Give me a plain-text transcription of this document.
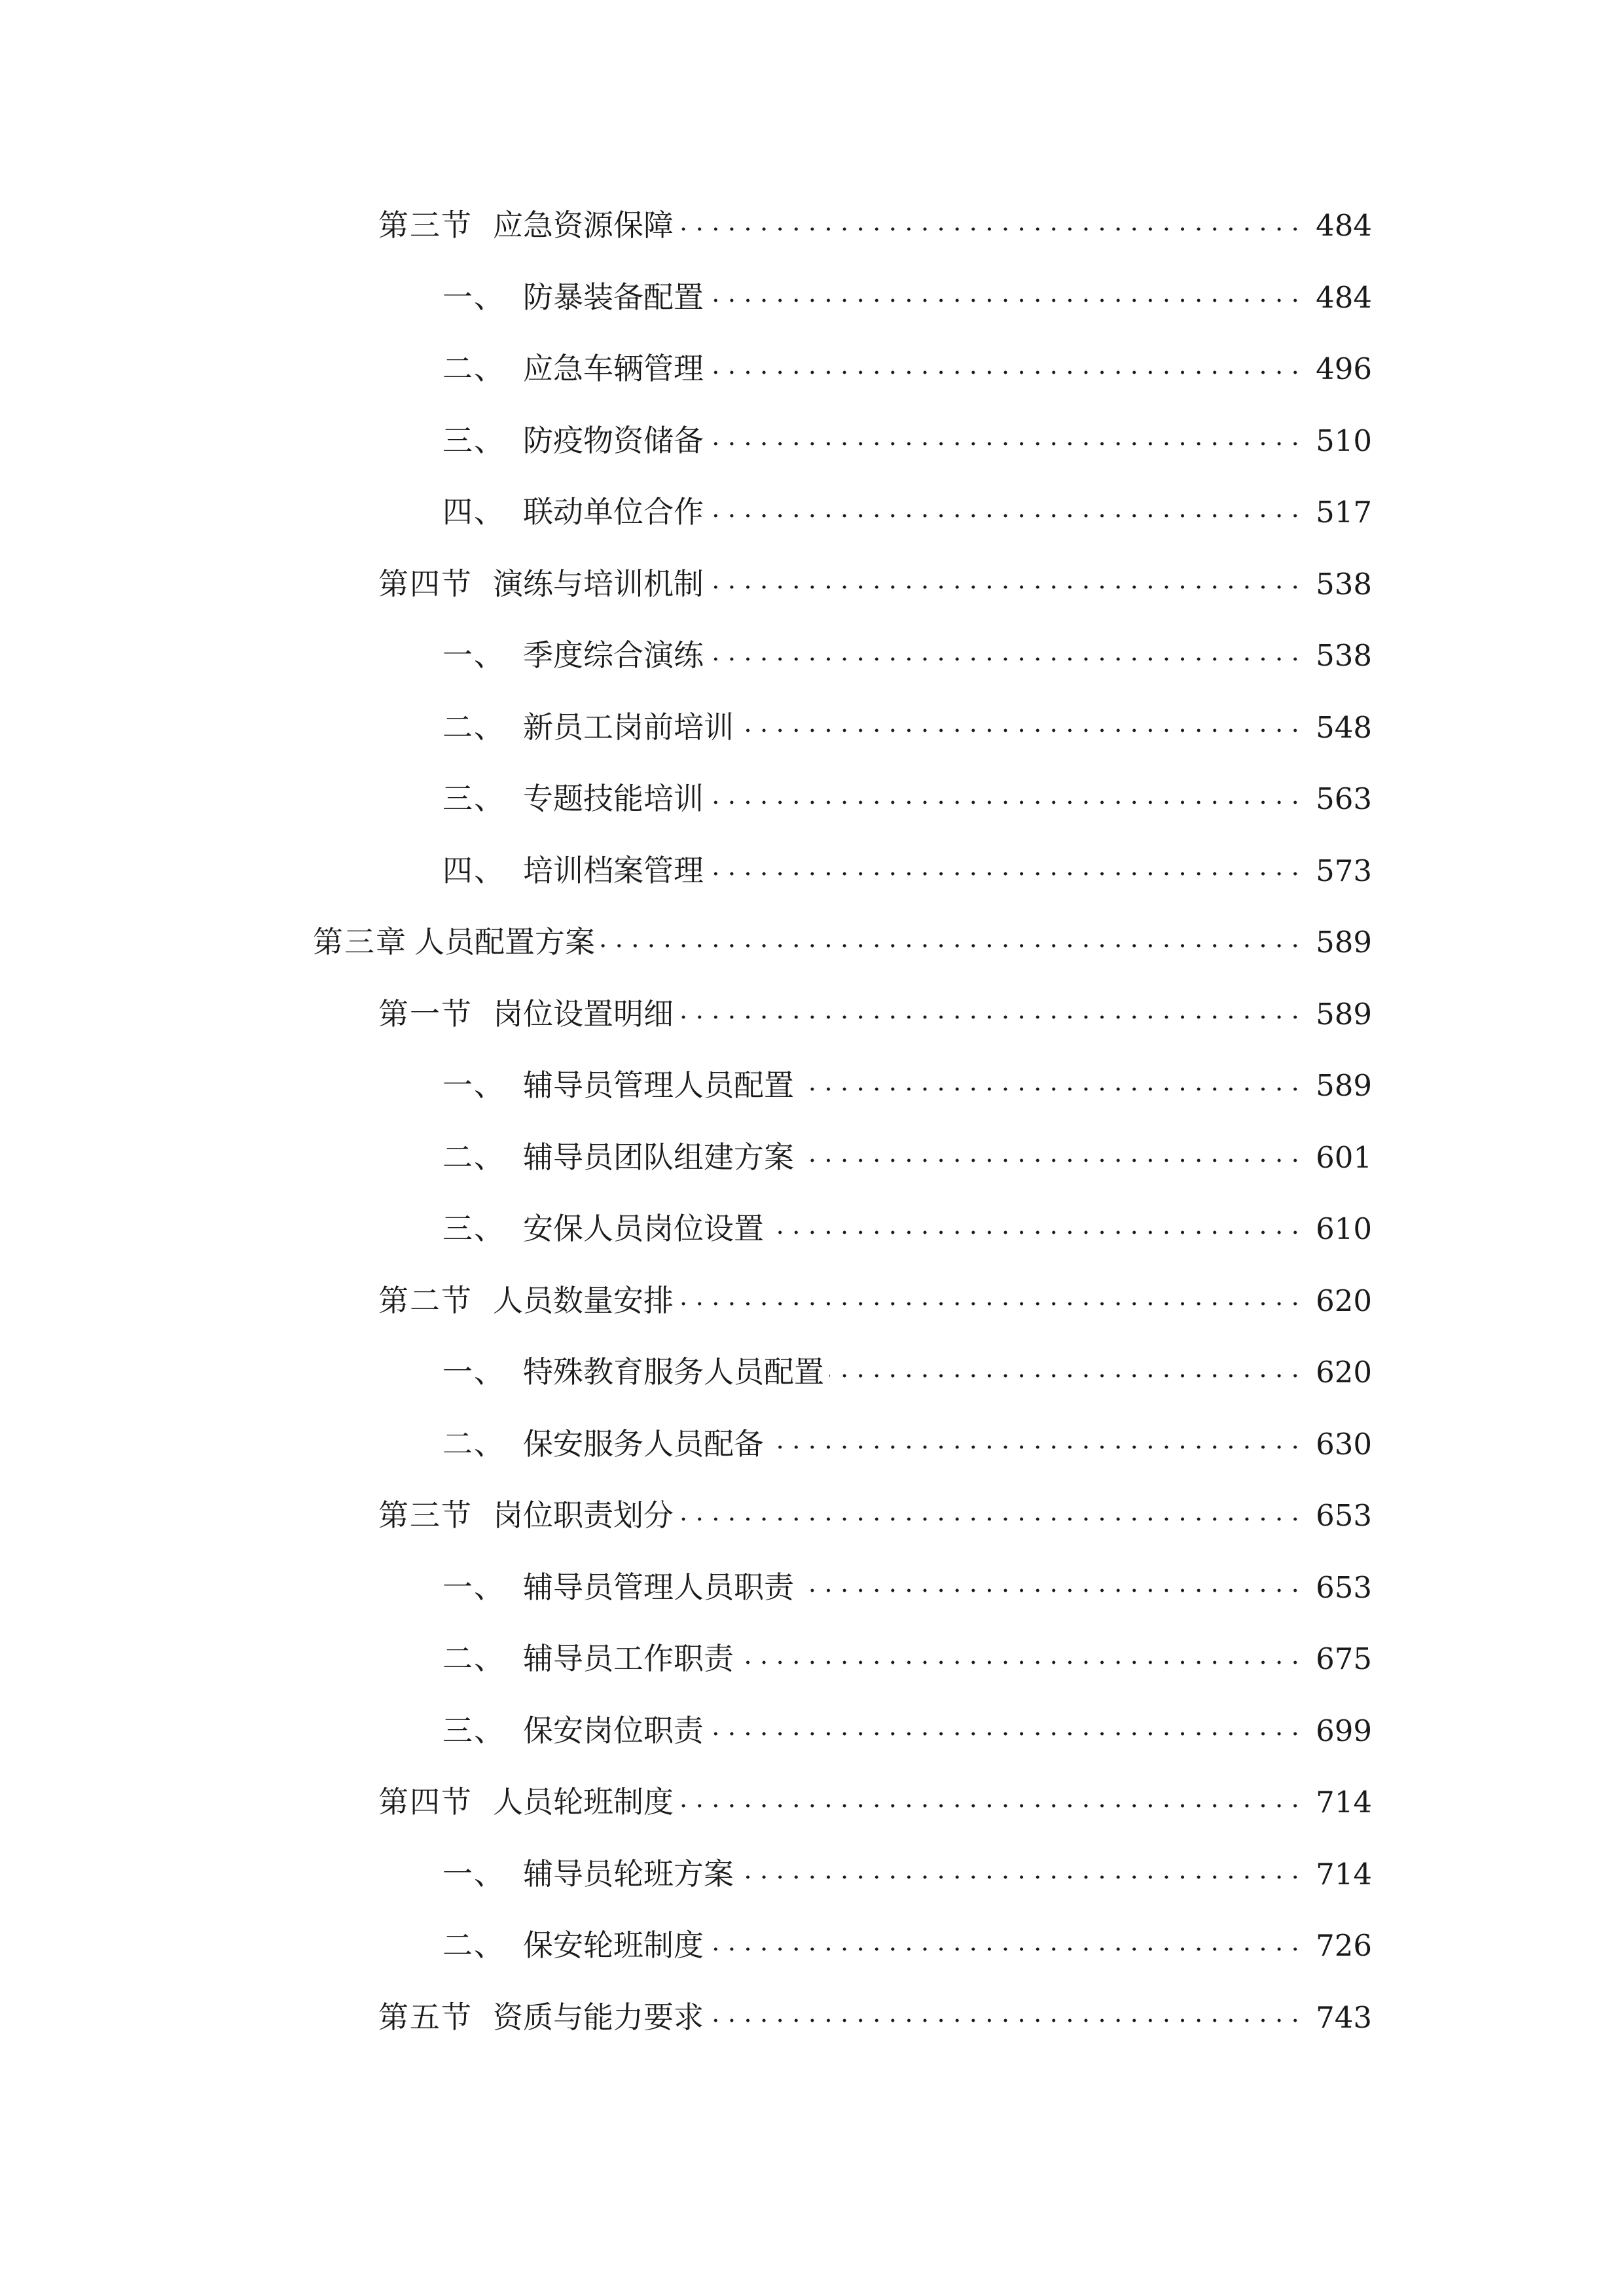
第三节 应急资源保障	484
一、 防暴装备配置	484
二、 应急车辆管理	496
三、 防疫物资储备	510
四、 联动单位合作	517
第四节 演练与培训机制	538
一、 季度综合演练	538
二、 新员工岗前培训	548
三、 专题技能培训	563
四、 培训档案管理	573
第三章 人员配置方案	589
第一节 岗位设置明细	589
一、 辅导员管理人员配置	589
二、 辅导员团队组建方案	601
三、 安保人员岗位设置	610
第二节 人员数量安排	620
一、 特殊教育服务人员配置	620
二、 保安服务人员配备	630
第三节 岗位职责划分	653
一、 辅导员管理人员职责	653
二、 辅导员工作职责	675
三、 保安岗位职责	699
第四节 人员轮班制度	714
一、 辅导员轮班方案	714
二、 保安轮班制度	726
第五节 资质与能力要求	743
